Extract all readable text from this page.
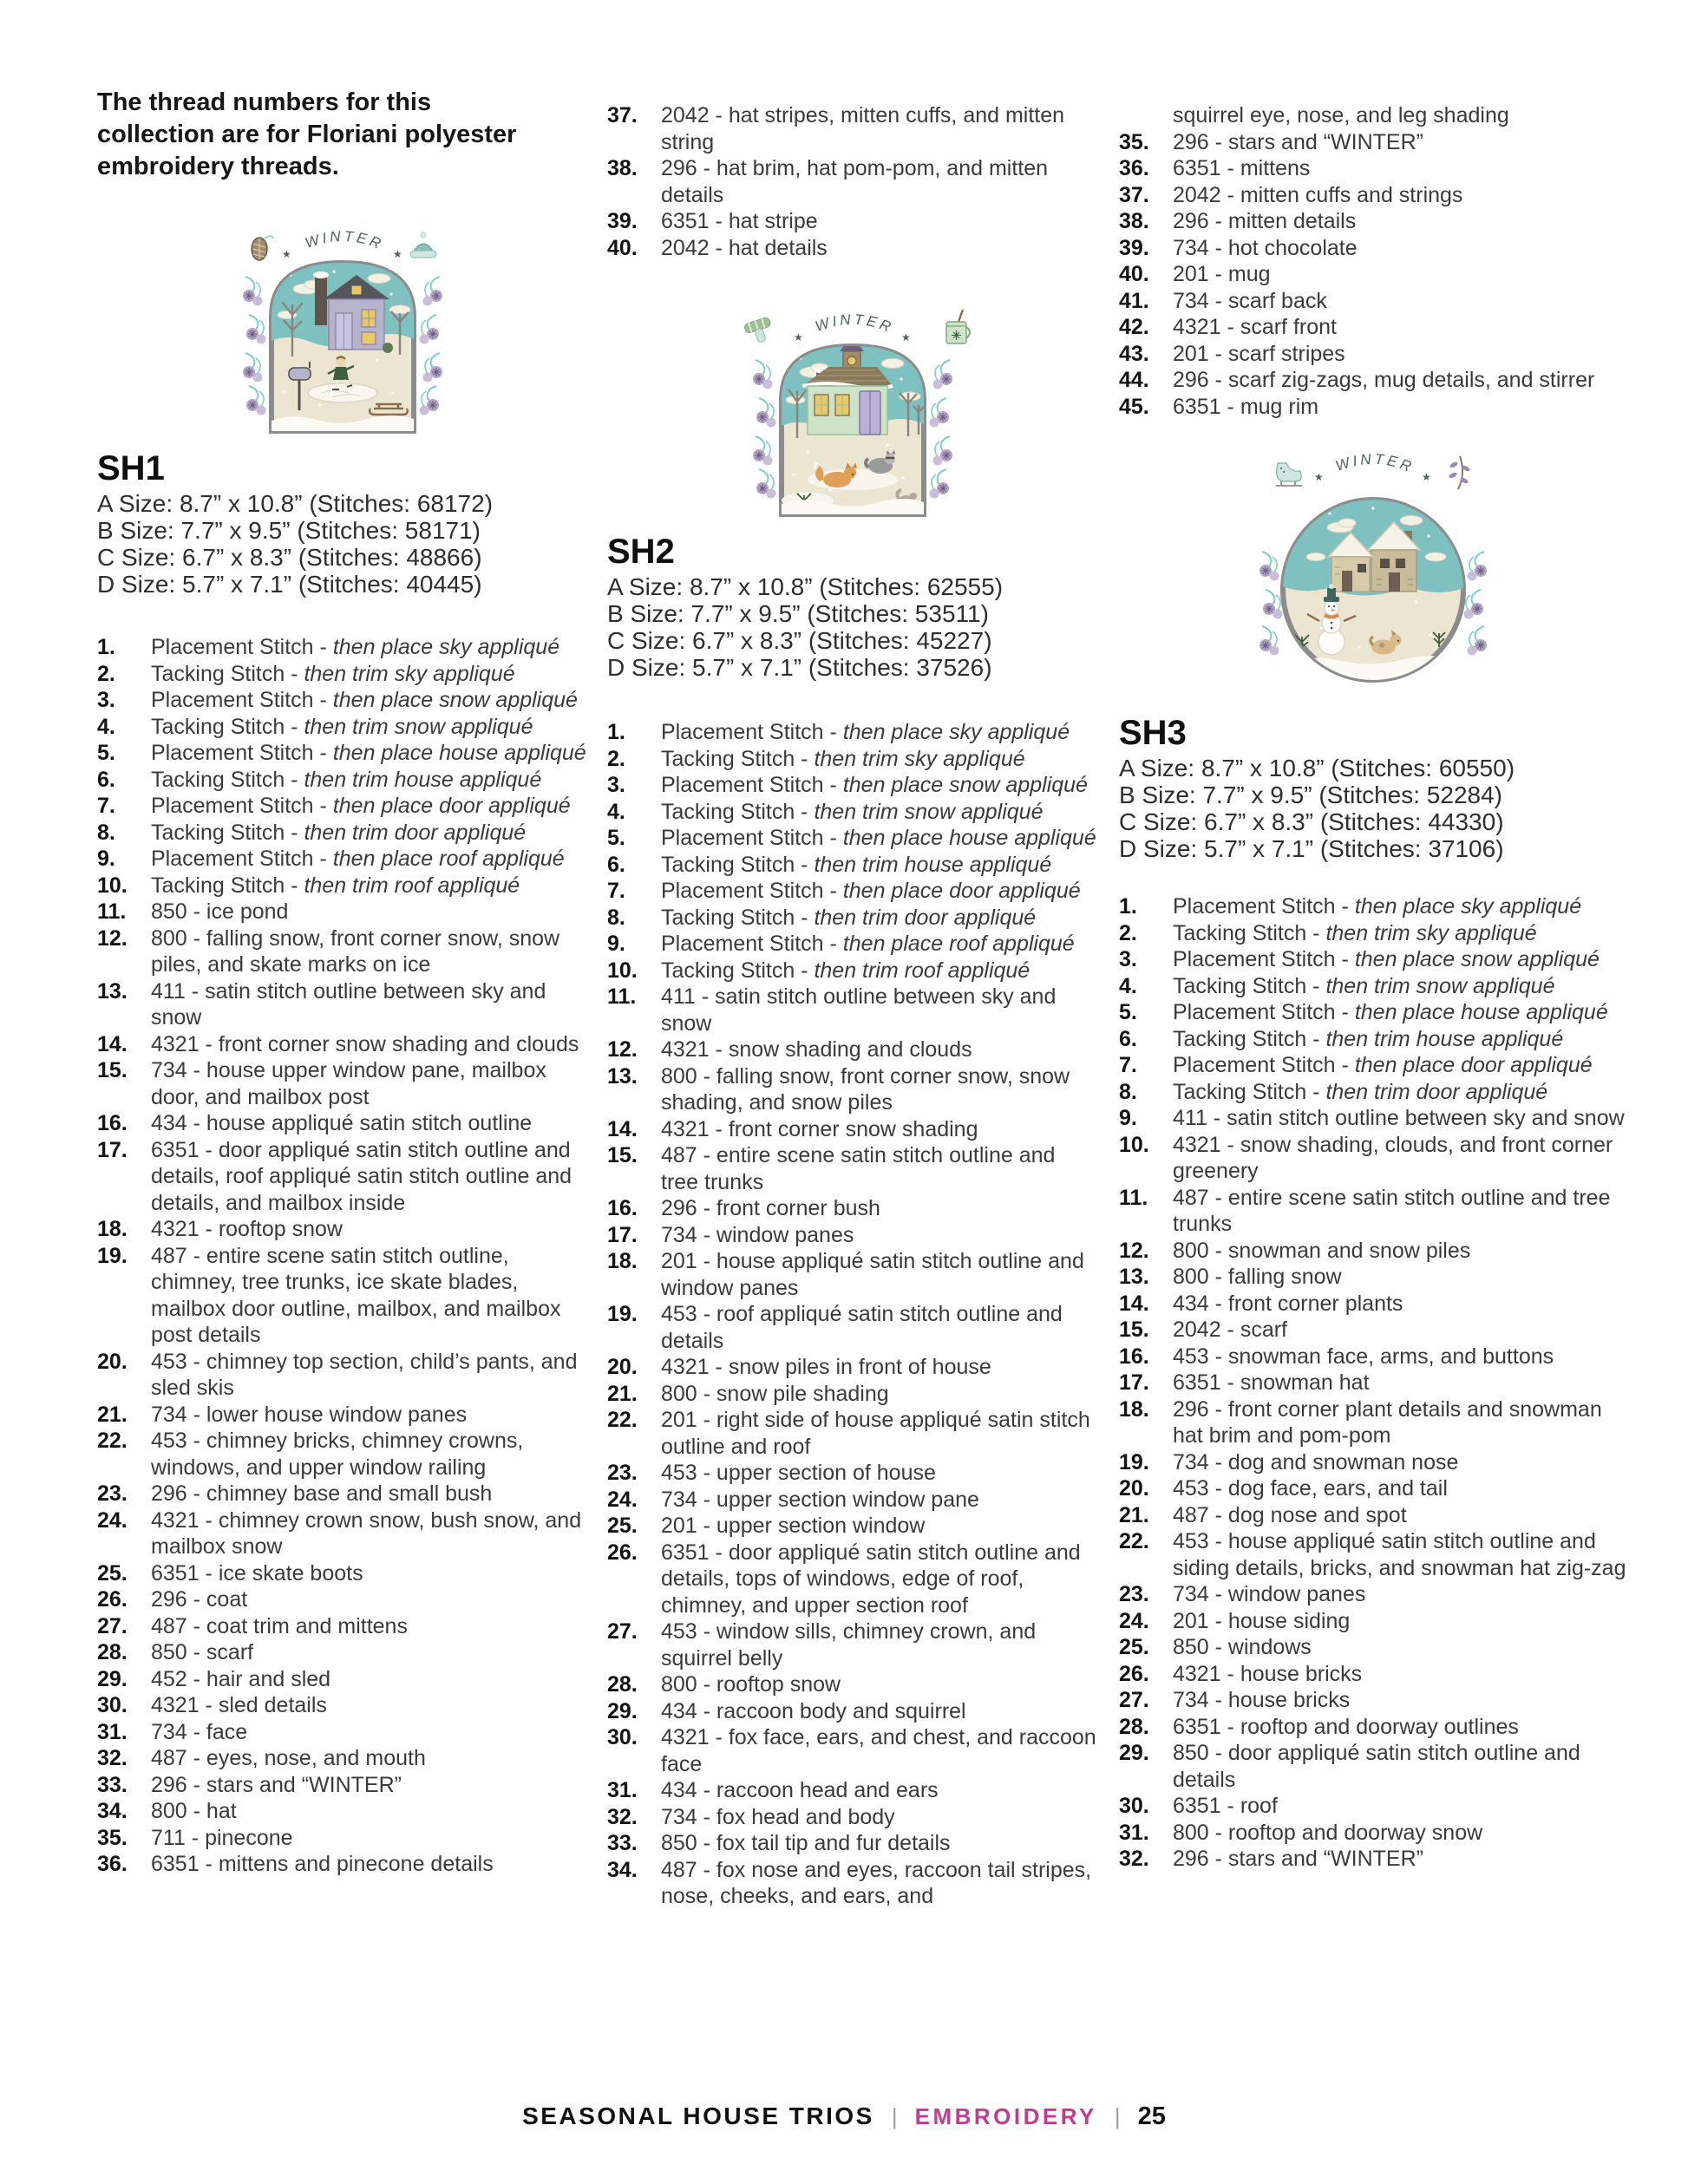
The thread numbers for this
collection are for Floriani polyester
embroidery threads.
WINTER
★	★
SH1
A Size: 8.7” x 10.8” (Stitches: 68172)
B Size: 7.7” x 9.5” (Stitches: 58171)
C Size: 6.7” x 8.3” (Stitches: 48866)
D Size: 5.7” x 7.1” (Stitches: 40445)
1.	Placement Stitch - then place sky appliqué
2.	Tacking Stitch - then trim sky appliqué
3.	Placement Stitch - then place snow appliqué
4.	Tacking Stitch - then trim snow appliqué
5.	Placement Stitch - then place house appliqué
6.	Tacking Stitch - then trim house appliqué
7.	Placement Stitch - then place door appliqué
8.	Tacking Stitch - then trim door appliqué
9.	Placement Stitch - then place roof appliqué
10.	Tacking Stitch - then trim roof appliqué
11.	850 - ice pond
12.	800 - falling snow, front corner snow, snow piles, and skate marks on ice
13.	411 - satin stitch outline between sky and snow
14.	4321 - front corner snow shading and clouds
15.	734 - house upper window pane, mailbox door, and mailbox post
16.	434 - house appliqué satin stitch outline
17.	6351 - door appliqué satin stitch outline and details, roof appliqué satin stitch outline and details, and mailbox inside
18.	4321 - rooftop snow
19.	487 - entire scene satin stitch outline, chimney, tree trunks, ice skate blades, mailbox door outline, mailbox, and mailbox post details
20.	453 - chimney top section, child’s pants, and sled skis
21.	734 - lower house window panes
22.	453 - chimney bricks, chimney crowns, windows, and upper window railing
23.	296 - chimney base and small bush
24.	4321 - chimney crown snow, bush snow, and mailbox snow
25.	6351 - ice skate boots
26.	296 - coat
27.	487 - coat trim and mittens
28.	850 - scarf
29.	452 - hair and sled
30.	4321 - sled details
31.	734 - face
32.	487 - eyes, nose, and mouth
33.	296 - stars and “WINTER”
34.	800 - hat
35.	711 - pinecone
36.	6351 - mittens and pinecone details
37.	2042 - hat stripes, mitten cuffs, and mitten string
38.	296 - hat brim, hat pom-pom, and mitten details
39.	6351 - hat stripe
40.	2042 - hat details
WINTER
★	★
SH2
A Size: 8.7” x 10.8” (Stitches: 62555)
B Size: 7.7” x 9.5” (Stitches: 53511)
C Size: 6.7” x 8.3” (Stitches: 45227)
D Size: 5.7” x 7.1” (Stitches: 37526)
1.	Placement Stitch - then place sky appliqué
2.	Tacking Stitch - then trim sky appliqué
3.	Placement Stitch - then place snow appliqué
4.	Tacking Stitch - then trim snow appliqué
5.	Placement Stitch - then place house appliqué
6.	Tacking Stitch - then trim house appliqué
7.	Placement Stitch - then place door appliqué
8.	Tacking Stitch - then trim door appliqué
9.	Placement Stitch - then place roof appliqué
10.	Tacking Stitch - then trim roof appliqué
11.	411 - satin stitch outline between sky and snow
12.	4321 - snow shading and clouds
13.	800 - falling snow, front corner snow, snow shading, and snow piles
14.	4321 - front corner snow shading
15.	487 - entire scene satin stitch outline and tree trunks
16.	296 - front corner bush
17.	734 - window panes
18.	201 - house appliqué satin stitch outline and window panes
19.	453 - roof appliqué satin stitch outline and details
20.	4321 - snow piles in front of house
21.	800 - snow pile shading
22.	201 - right side of house appliqué satin stitch outline and roof
23.	453 - upper section of house
24.	734 - upper section window pane
25.	201 - upper section window
26.	6351 - door appliqué satin stitch outline and details, tops of windows, edge of roof, chimney, and upper section roof
27.	453 - window sills, chimney crown, and squirrel belly
28.	800 - rooftop snow
29.	434 - raccoon body and squirrel
30.	4321 - fox face, ears, and chest, and raccoon face
31.	434 - raccoon head and ears
32.	734 - fox head and body
33.	850 - fox tail tip and fur details
34.	487 - fox nose and eyes, raccoon tail stripes, nose, cheeks, and ears, and
squirrel eye, nose, and leg shading
35.	296 - stars and “WINTER”
36.	6351 - mittens
37.	2042 - mitten cuffs and strings
38.	296 - mitten details
39.	734 - hot chocolate
40.	201 - mug
41.	734 - scarf back
42.	4321 - scarf front
43.	201 - scarf stripes
44.	296 - scarf zig-zags, mug details, and stirrer
45.	6351 - mug rim
WINTER
★	★
SH3
A Size: 8.7” x 10.8” (Stitches: 60550)
B Size: 7.7” x 9.5” (Stitches: 52284)
C Size: 6.7” x 8.3” (Stitches: 44330)
D Size: 5.7” x 7.1” (Stitches: 37106)
1.	Placement Stitch - then place sky appliqué
2.	Tacking Stitch - then trim sky appliqué
3.	Placement Stitch - then place snow appliqué
4.	Tacking Stitch - then trim snow appliqué
5.	Placement Stitch - then place house appliqué
6.	Tacking Stitch - then trim house appliqué
7.	Placement Stitch - then place door appliqué
8.	Tacking Stitch - then trim door appliqué
9.	411 - satin stitch outline between sky and snow
10.	4321 - snow shading, clouds, and front corner greenery
11.	487 - entire scene satin stitch outline and tree trunks
12.	800 - snowman and snow piles
13.	800 - falling snow
14.	434 - front corner plants
15.	2042 - scarf
16.	453 - snowman face, arms, and buttons
17.	6351 - snowman hat
18.	296 - front corner plant details and snowman hat brim and pom-pom
19.	734 - dog and snowman nose
20.	453 - dog face, ears, and tail
21.	487 - dog nose and spot
22.	453 - house appliqué satin stitch outline and siding details, bricks, and snowman hat zig-zag
23.	734 - window panes
24.	201 - house siding
25.	850 - windows
26.	4321 - house bricks
27.	734 - house bricks
28.	6351 - rooftop and doorway outlines
29.	850 - door appliqué satin stitch outline and details
30.	6351 - roof
31.	800 - rooftop and doorway snow
32.	296 - stars and “WINTER”
SEASONAL HOUSE TRIOS | EMBROIDERY | 25
